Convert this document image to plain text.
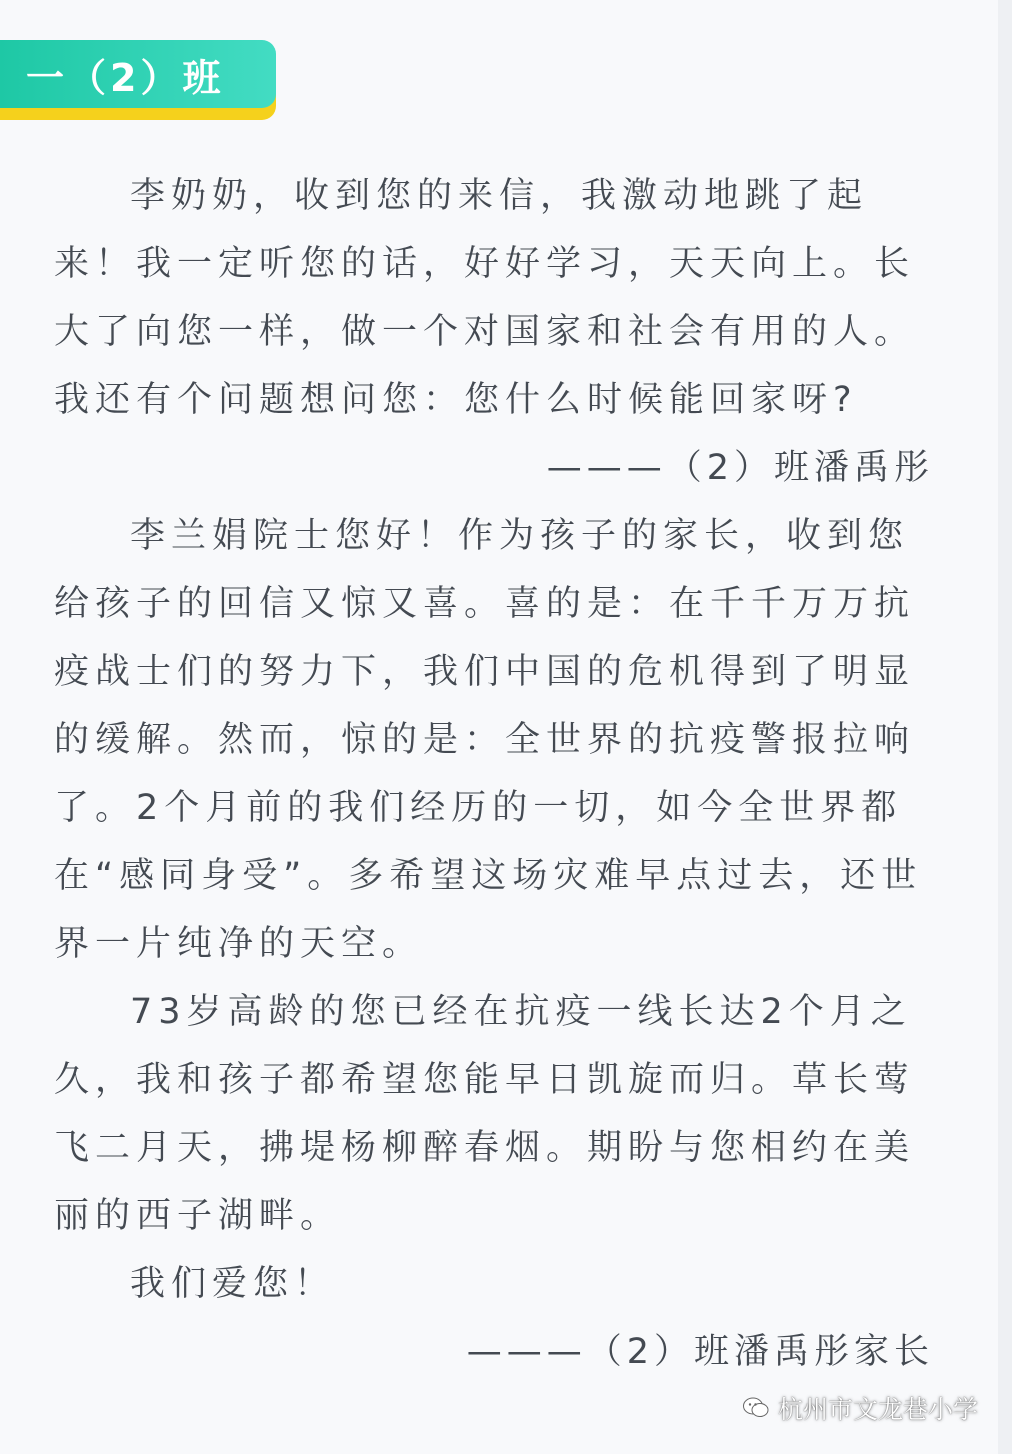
一（2）班

李奶奶，收到您的来信，我激动地跳了起来！我一定听您的话，好好学习，天天向上。长大了向您一样，做一个对国家和社会有用的人。我还有个问题想问您：您什么时候能回家呀?

———（2）班潘禹彤

李兰娟院士您好！作为孩子的家长，收到您给孩子的回信又惊又喜。喜的是：在千千万万抗疫战士们的努力下，我们中国的危机得到了明显的缓解。然而，惊的是：全世界的抗疫警报拉响了。2个月前的我们经历的一切，如今全世界都在“感同身受”。多希望这场灾难早点过去，还世界一片纯净的天空。

73岁高龄的您已经在抗疫一线长达2个月之久，我和孩子都希望您能早日凯旋而归。草长莺飞二月天，拂堤杨柳醉春烟。期盼与您相约在美丽的西子湖畔。

我们爱您！

———（2）班潘禹彤家长

杭州市文龙巷小学
